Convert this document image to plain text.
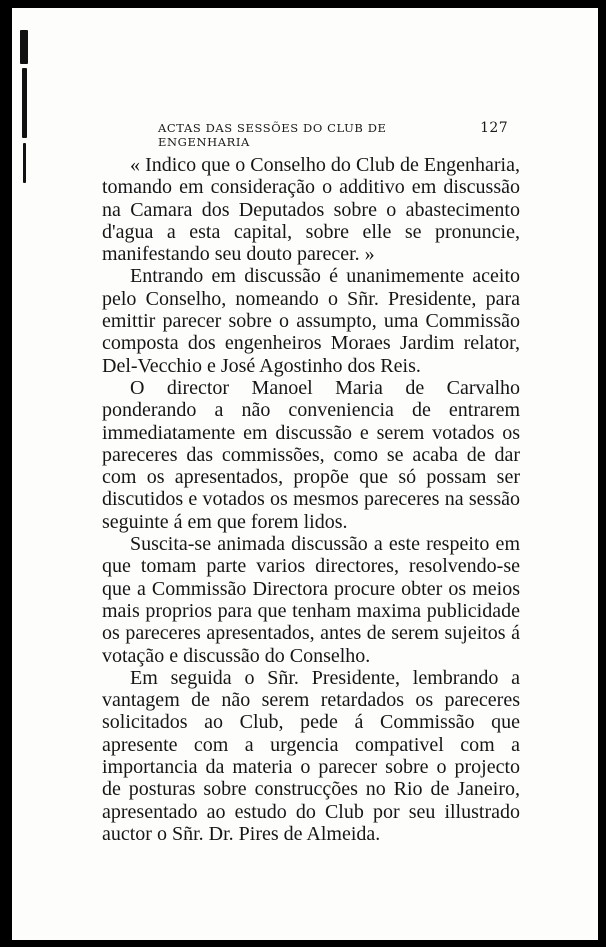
ACTAS DAS SESSÕES DO CLUB DE ENGENHARIA
127

« Indico que o Conselho do Club de Engenharia, tomando em consideração o additivo em discussão na Camara dos Deputados sobre o abastecimento d'agua a esta capital, sobre elle se pronuncie, manifestando seu douto parecer. »

Entrando em discussão é unanimemente aceito pelo Conselho, nomeando o Sñr. Presidente, para emittir parecer sobre o assumpto, uma Commissão composta dos engenheiros Moraes Jardim relator, Del-Vecchio e José Agostinho dos Reis.

O director Manoel Maria de Carvalho ponderando a não conveniencia de entrarem immediatamente em discussão e serem votados os pareceres das commissões, como se acaba de dar com os apresentados, propõe que só possam ser discutidos e votados os mesmos pareceres na sessão seguinte á em que forem lidos.

Suscita-se animada discussão a este respeito em que tomam parte varios directores, resolvendo-se que a Commissão Directora procure obter os meios mais proprios para que tenham maxima publicidade os pareceres apresentados, antes de serem sujeitos á votação e discussão do Conselho.

Em seguida o Sñr. Presidente, lembrando a vantagem de não serem retardados os pareceres solicitados ao Club, pede á Commissão que apresente com a urgencia compativel com a importancia da materia o parecer sobre o projecto de posturas sobre construcções no Rio de Janeiro, apresentado ao estudo do Club por seu illustrado auctor o Sñr. Dr. Pires de Almeida.
